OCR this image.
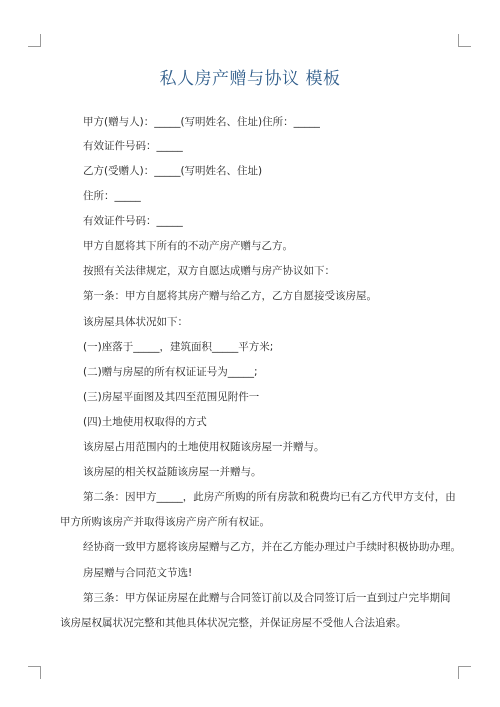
私人房产赠与协议 模板
甲方(赠与人)：_____(写明姓名、住址)住所：_____
有效证件号码：_____
乙方(受赠人)：_____(写明姓名、住址)
住所：_____
有效证件号码：_____
甲方自愿将其下所有的不动产房产赠与乙方。
按照有关法律规定，双方自愿达成赠与房产协议如下：
第一条：甲方自愿将其房产赠与给乙方，乙方自愿接受该房屋。
该房屋具体状况如下：
(一)座落于_____，建筑面积_____平方米;
(二)赠与房屋的所有权证证号为_____;
(三)房屋平面图及其四至范围见附件一
(四)土地使用权取得的方式
该房屋占用范围内的土地使用权随该房屋一并赠与。
该房屋的相关权益随该房屋一并赠与。
第二条：因甲方_____，此房产所购的所有房款和税费均已有乙方代甲方支付，由
甲方所购该房产并取得该房产房产所有权证。
经协商一致甲方愿将该房屋赠与乙方，并在乙方能办理过户手续时积极协助办理。
房屋赠与合同范文节选!
第三条：甲方保证房屋在此赠与合同签订前以及合同签订后一直到过户完毕期间
该房屋权属状况完整和其他具体状况完整，并保证房屋不受他人合法追索。
